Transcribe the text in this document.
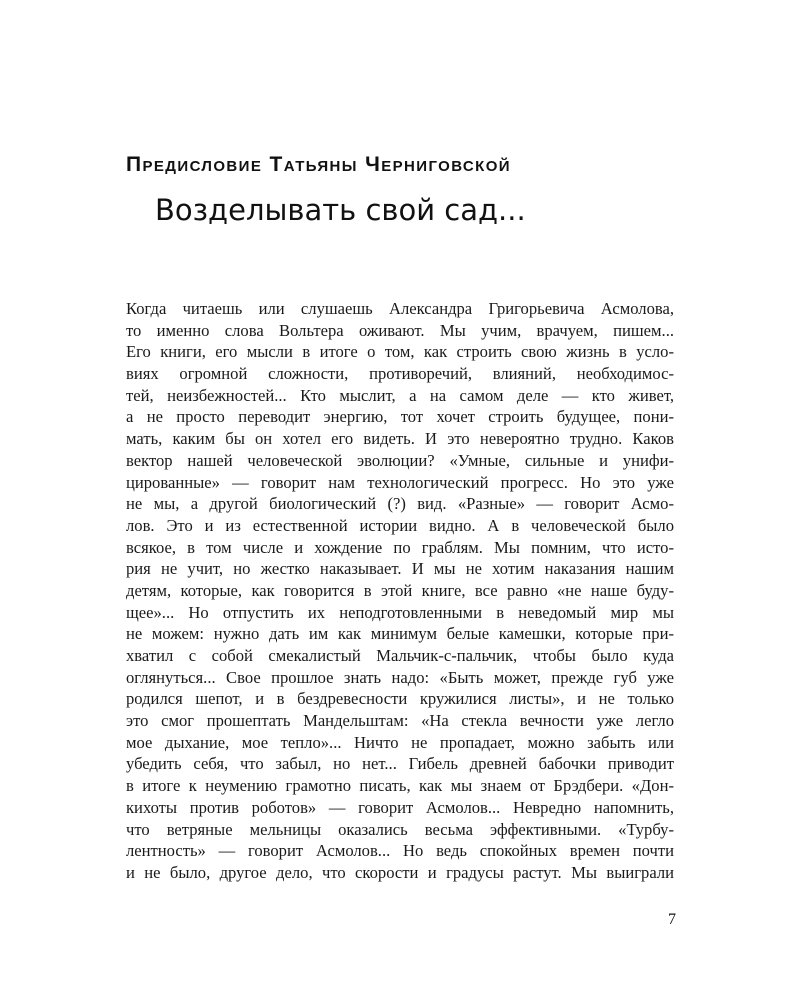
Предисловие Татьяны Черниговской
Возделывать свой сад...
Когда читаешь или слушаешь Александра Григорьевича Асмолова,
то именно слова Вольтера оживают. Мы учим, врачуем, пишем...
Его книги, его мысли в итоге о том, как строить свою жизнь в усло-
виях огромной сложности, противоречий, влияний, необходимос-
тей, неизбежностей... Кто мыслит, а на самом деле — кто живет,
а не просто переводит энергию, тот хочет строить будущее, пони-
мать, каким бы он хотел его видеть. И это невероятно трудно. Каков
вектор нашей человеческой эволюции? «Умные, сильные и унифи-
цированные» — говорит нам технологический прогресс. Но это уже
не мы, а другой биологический (?) вид. «Разные» — говорит Асмо-
лов. Это и из естественной истории видно. А в человеческой было
всякое, в том числе и хождение по граблям. Мы помним, что исто-
рия не учит, но жестко наказывает. И мы не хотим наказания нашим
детям, которые, как говорится в этой книге, все равно «не наше буду-
щее»... Но отпустить их неподготовленными в неведомый мир мы
не можем: нужно дать им как минимум белые камешки, которые при-
хватил с собой смекалистый Мальчик-с-пальчик, чтобы было куда
оглянуться... Свое прошлое знать надо: «Быть может, прежде губ уже
родился шепот, и в бездревесности кружилися листы», и не только
это смог прошептать Мандельштам: «На стекла вечности уже легло
мое дыхание, мое тепло»... Ничто не пропадает, можно забыть или
убедить себя, что забыл, но нет... Гибель древней бабочки приводит
в итоге к неумению грамотно писать, как мы знаем от Брэдбери. «Дон-
кихоты против роботов» — говорит Асмолов... Невредно напомнить,
что ветряные мельницы оказались весьма эффективными. «Турбу-
лентность» — говорит Асмолов... Но ведь спокойных времен почти
и не было, другое дело, что скорости и градусы растут. Мы выиграли
7
